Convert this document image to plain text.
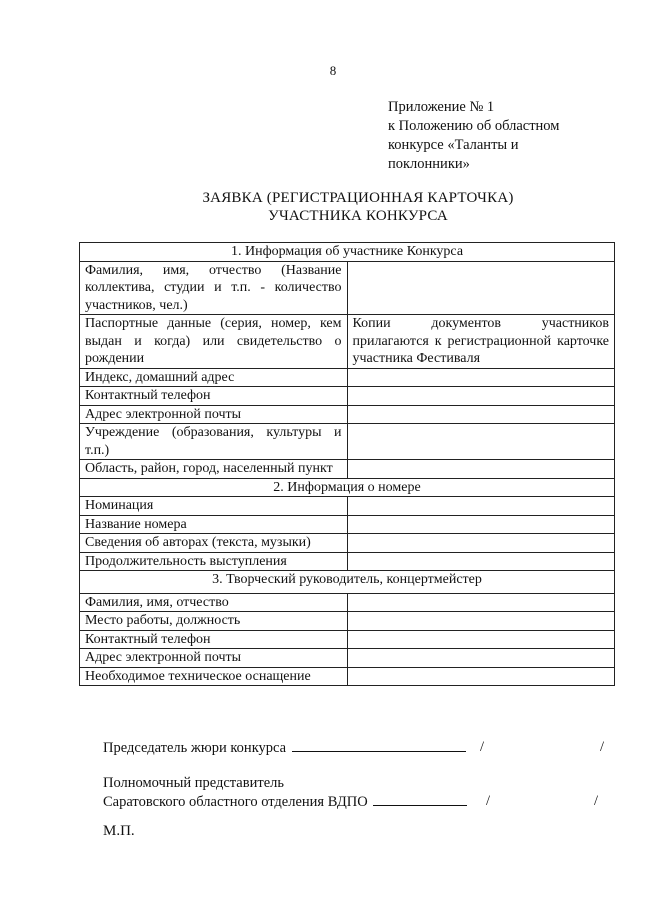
8
Приложение № 1
к Положению об областном
конкурсе «Таланты и
поклонники»
ЗАЯВКА (РЕГИСТРАЦИОННАЯ КАРТОЧКА)
УЧАСТНИКА КОНКУРСА
1. Информация об участнике Конкурса	
Фамилия, имя, отчество (Название коллектива, студии и т.п. - количество участников, чел.)	
Паспортные данные (серия, номер, кем выдан и когда) или свидетельство о рождении	Копии документов участников прилагаются к регистрационной карточке участника Фестиваля
Индекс, домашний адрес	
Контактный телефон	
Адрес электронной почты	
Учреждение (образования, культуры и т.п.)	
Область, район, город, населенный пункт	
2. Информация о номере	
Номинация	
Название номера	
Сведения об авторах (текста, музыки)	
Продолжительность выступления	
3. Творческий руководитель, концертмейстер	
Фамилия, имя, отчество	
Место работы, должность	
Контактный телефон	
Адрес электронной почты	
Необходимое техническое оснащение	
Председатель жюри конкурса	/	/
Полномочный представитель
Саратовского областного отделения ВДПО	/	/
М.П.
